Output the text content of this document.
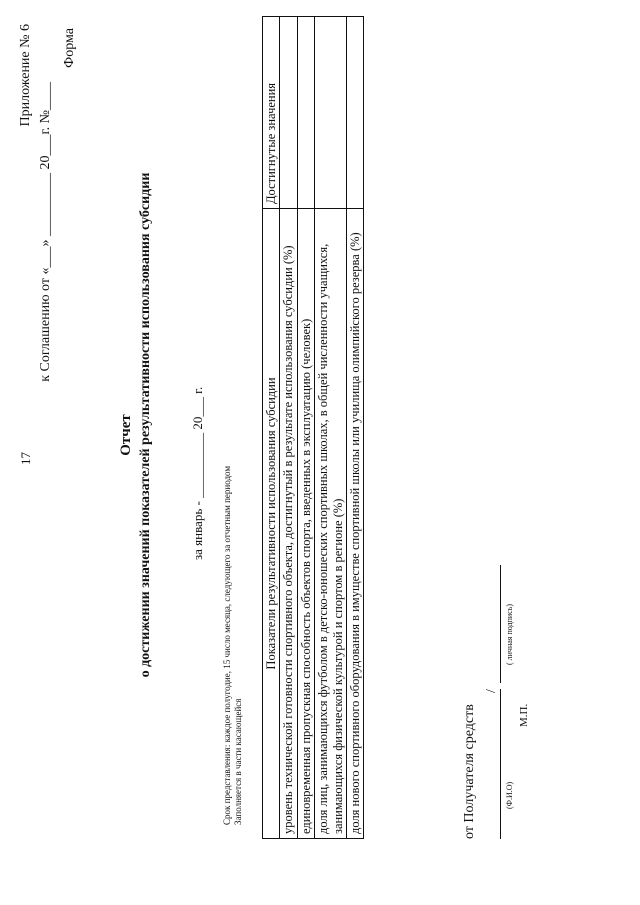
17
Приложение № 6
к Соглашению от «___» _________ 20___г. №____
Форма
Отчет о достижении значений показателей результативности использования субсидии	за январь - __________ 20___ г. Срок представления: каждое полугодие, 15 число месяца, следующего за отчетным периодом Заполняется в части касающейся
Показатели результативности использования субсидии	Достигнутые значения
уровень технической готовности спортивного объекта, достигнутый в результате использования субсидии (%)	
единовременная пропускная способность объектов спорта, введенных в эксплуатацию (человек)	
доля лиц, занимающихся футболом в детско-юношеских спортивных школах, в общей численности учащихся, занимающихся физической культурой и спортом в регионе (%)	
доля нового спортивного оборудования в имуществе спортивной школы или училища олимпийского резерва (%)		от Получателя средств
/
(Ф.И.О)
( личная подпись)
М.П.
